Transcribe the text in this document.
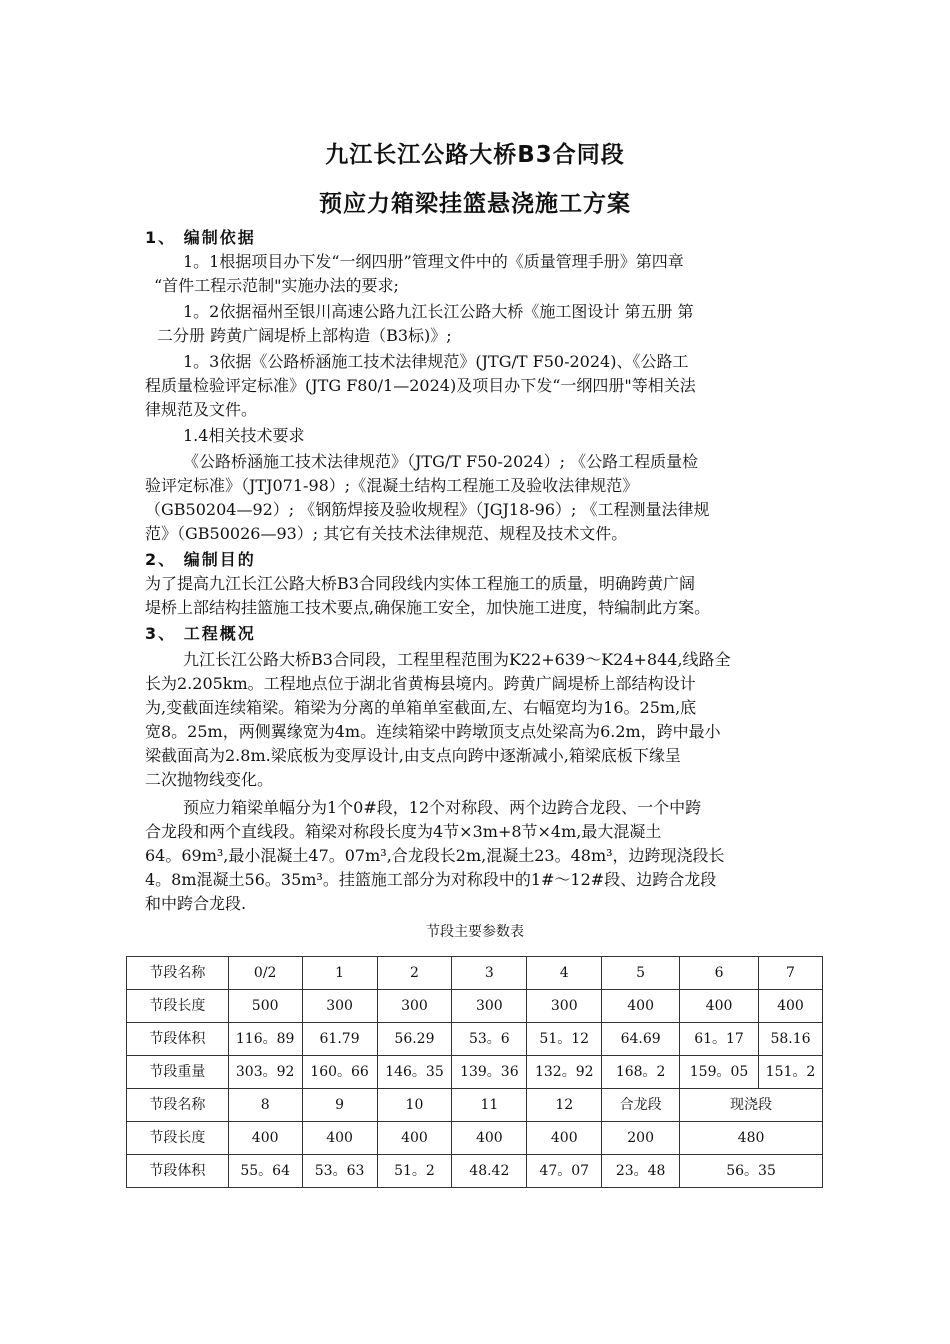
九江长江公路大桥B3合同段
预应力箱梁挂篮悬浇施工方案
1、 编制依据
1。1根据项目办下发“一纲四册”管理文件中的《质量管理手册》第四章
“首件工程示范制"实施办法的要求;
1。2依据福州至银川高速公路九江长江公路大桥《施工图设计 第五册 第
二分册 跨黄广阔堤桥上部构造（B3标)》;
1。3依据《公路桥涵施工技术法律规范》(JTG/T F50-2024)、《公路工
程质量检验评定标准》(JTG F80/1—2024)及项目办下发“一纲四册"等相关法
律规范及文件。
1.4相关技术要求
《公路桥涵施工技术法律规范》（JTG/T F50-2024）; 《公路工程质量检
验评定标准》（JTJ071-98）;《混凝土结构工程施工及验收法律规范》
（GB50204—92）; 《钢筋焊接及验收规程》（JGJ18-96）; 《工程测量法律规
范》（GB50026—93）; 其它有关技术法律规范、规程及技术文件。
2、 编制目的
为了提高九江长江公路大桥B3合同段线内实体工程施工的质量，明确跨黄广阔
堤桥上部结构挂篮施工技术要点,确保施工安全，加快施工进度，特编制此方案。
3、 工程概况
九江长江公路大桥B3合同段，工程里程范围为K22+639～K24+844,线路全
长为2.205km。工程地点位于湖北省黄梅县境内。跨黄广阔堤桥上部结构设计
为,变截面连续箱梁。箱梁为分离的单箱单室截面,左、右幅宽均为16。25m,底
宽8。25m，两侧翼缘宽为4m。连续箱梁中跨墩顶支点处梁高为6.2m，跨中最小
梁截面高为2.8m.梁底板为变厚设计,由支点向跨中逐渐减小,箱梁底板下缘呈
二次抛物线变化。
预应力箱梁单幅分为1个0#段，12个对称段、两个边跨合龙段、一个中跨
合龙段和两个直线段。箱梁对称段长度为4节×3m+8节×4m,最大混凝土
64。69m³,最小混凝土47。07m³,合龙段长2m,混凝土23。48m³，边跨现浇段长
4。8m混凝土56。35m³。挂篮施工部分为对称段中的1#～12#段、边跨合龙段
和中跨合龙段.
节段主要参数表
节段名称	0/2	1	2	3	4	5	6	7
节段长度	500	300	300	300	300	400	400	400
节段体积	116。89	61.79	56.29	53。6	51。12	64.69	61。17	58.16
节段重量	303。92	160。66	146。35	139。36	132。92	168。2	159。05	151。2
节段名称	8	9	10	11	12	合龙段	现浇段	
节段长度	400	400	400	400	400	200	480	
节段体积	55。64	53。63	51。2	48.42	47。07	23。48	56。35	
